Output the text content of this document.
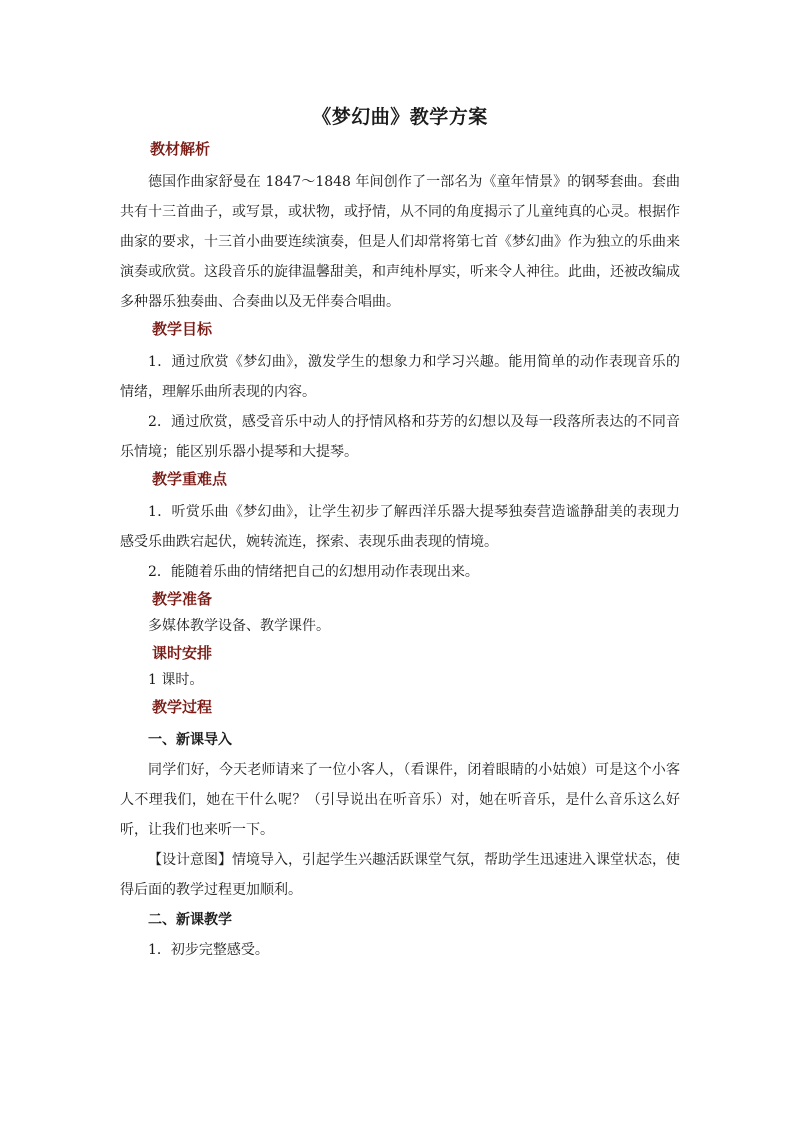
《梦幻曲》教学方案
教材解析

德国作曲家舒曼在 1847～1848 年间创作了一部名为《童年情景》的钢琴套曲。套曲共有十三首曲子，或写景，或状物，或抒情，从不同的角度揭示了儿童纯真的心灵。根据作曲家的要求，十三首小曲要连续演奏，但是人们却常将第七首《梦幻曲》作为独立的乐曲来演奏或欣赏。这段音乐的旋律温馨甜美，和声纯朴厚实，听来令人神往。此曲，还被改编成多种器乐独奏曲、合奏曲以及无伴奏合唱曲。

教学目标

1．通过欣赏《梦幻曲》，激发学生的想象力和学习兴趣。能用简单的动作表现音乐的情绪，理解乐曲所表现的内容。

2．通过欣赏，感受音乐中动人的抒情风格和芬芳的幻想以及每一段落所表达的不同音乐情境；能区别乐器小提琴和大提琴。

教学重难点

1．听赏乐曲《梦幻曲》，让学生初步了解西洋乐器大提琴独奏营造谧静甜美的表现力感受乐曲跌宕起伏，婉转流连，探索、表现乐曲表现的情境。

2．能随着乐曲的情绪把自己的幻想用动作表现出来。

教学准备

多媒体教学设备、教学课件。

课时安排

1 课时。

教学过程
一、新课导入

同学们好，今天老师请来了一位小客人，（看课件，闭着眼睛的小姑娘）可是这个小客人不理我们，她在干什么呢？（引导说出在听音乐）对，她在听音乐，是什么音乐这么好听，让我们也来听一下。

【设计意图】情境导入，引起学生兴趣活跃课堂气氛，帮助学生迅速进入课堂状态，使得后面的教学过程更加顺利。

二、新课教学

1．初步完整感受。
